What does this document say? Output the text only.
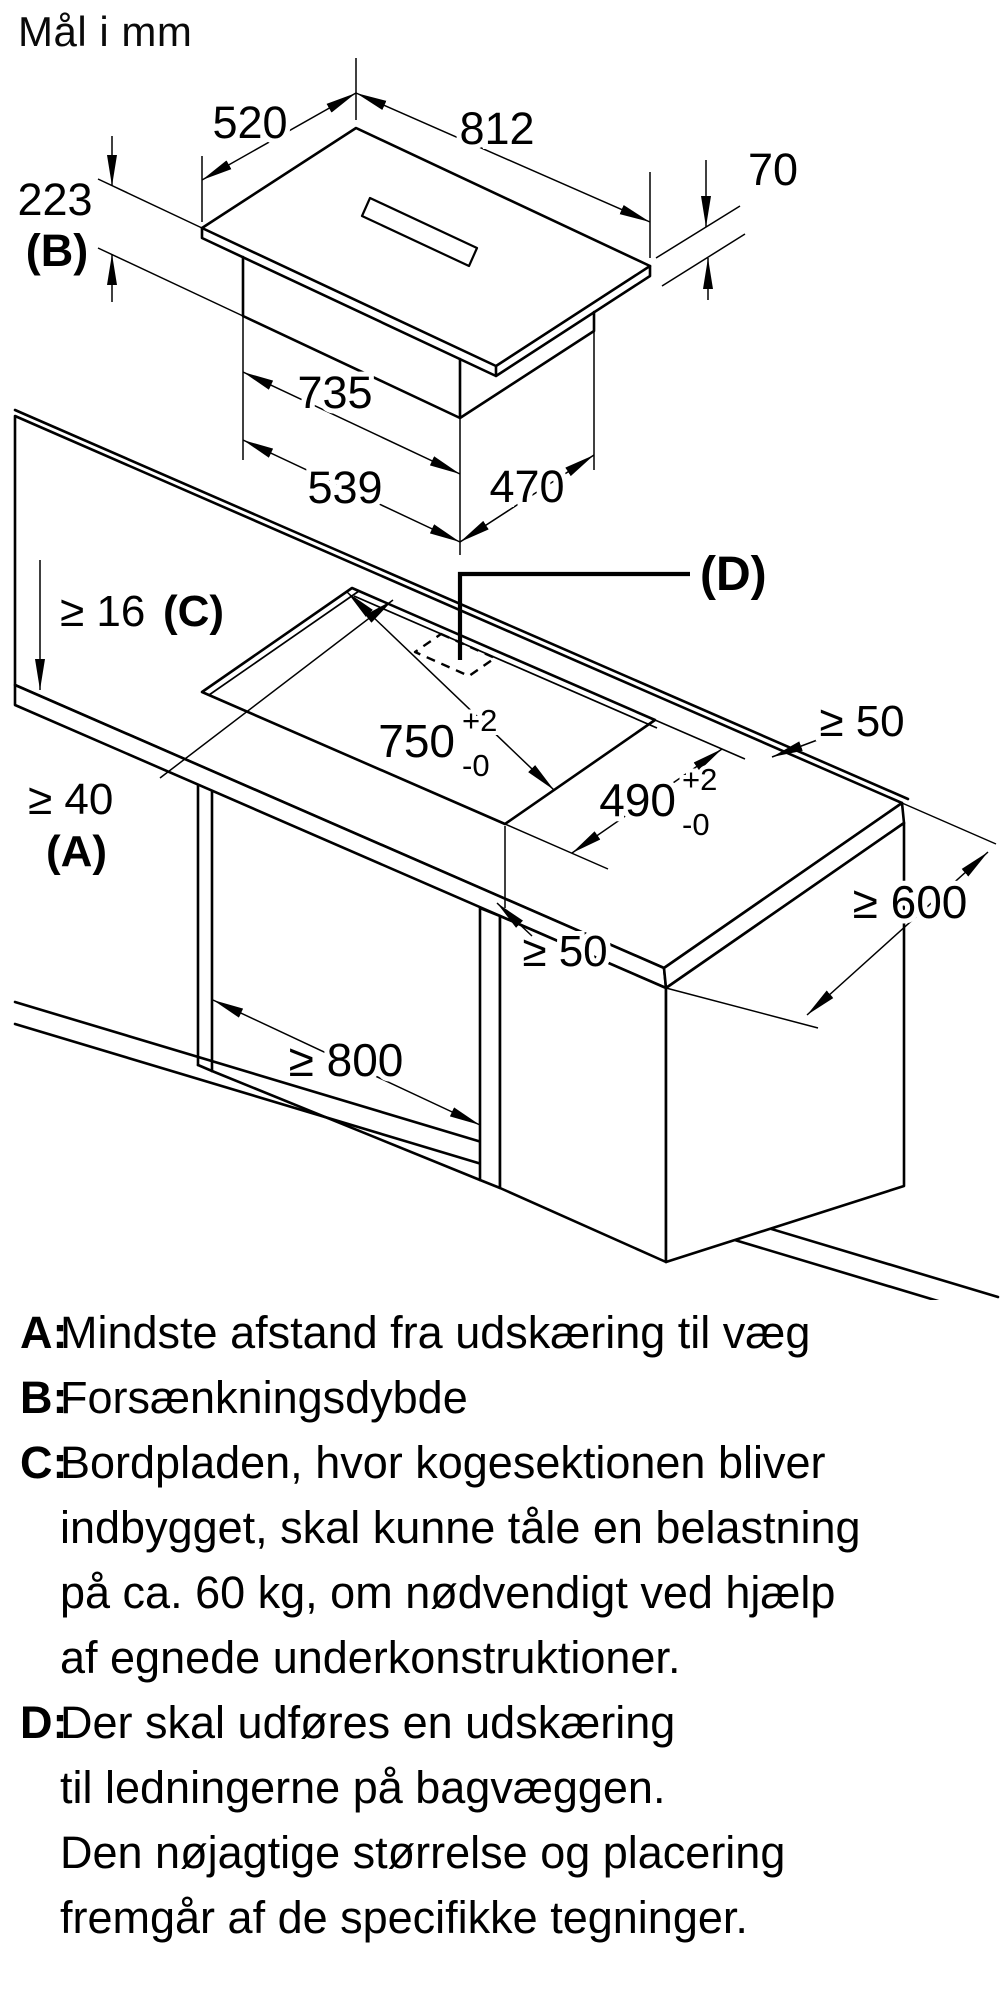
Mål i mm
520	812
70
223
(B)
735
539 470
(D)
≥ 16 (C)
≥ 40
(A)
750 +2
-0
490 +2
-0
≥ 50
≥ 600
≥ 50
≥ 800
A:
Mindste afstand fra udskæring til væg
B:
Forsænkningsdybde
C:
Bordpladen, hvor kogesektionen bliver
indbygget, skal kunne tåle en belastning
på ca. 60 kg, om nødvendigt ved hjælp
af egnede underkonstruktioner.
D:
Der skal udføres en udskæring
til ledningerne på bagvæggen.
Den nøjagtige størrelse og placering
fremgår af de specifikke tegninger.
